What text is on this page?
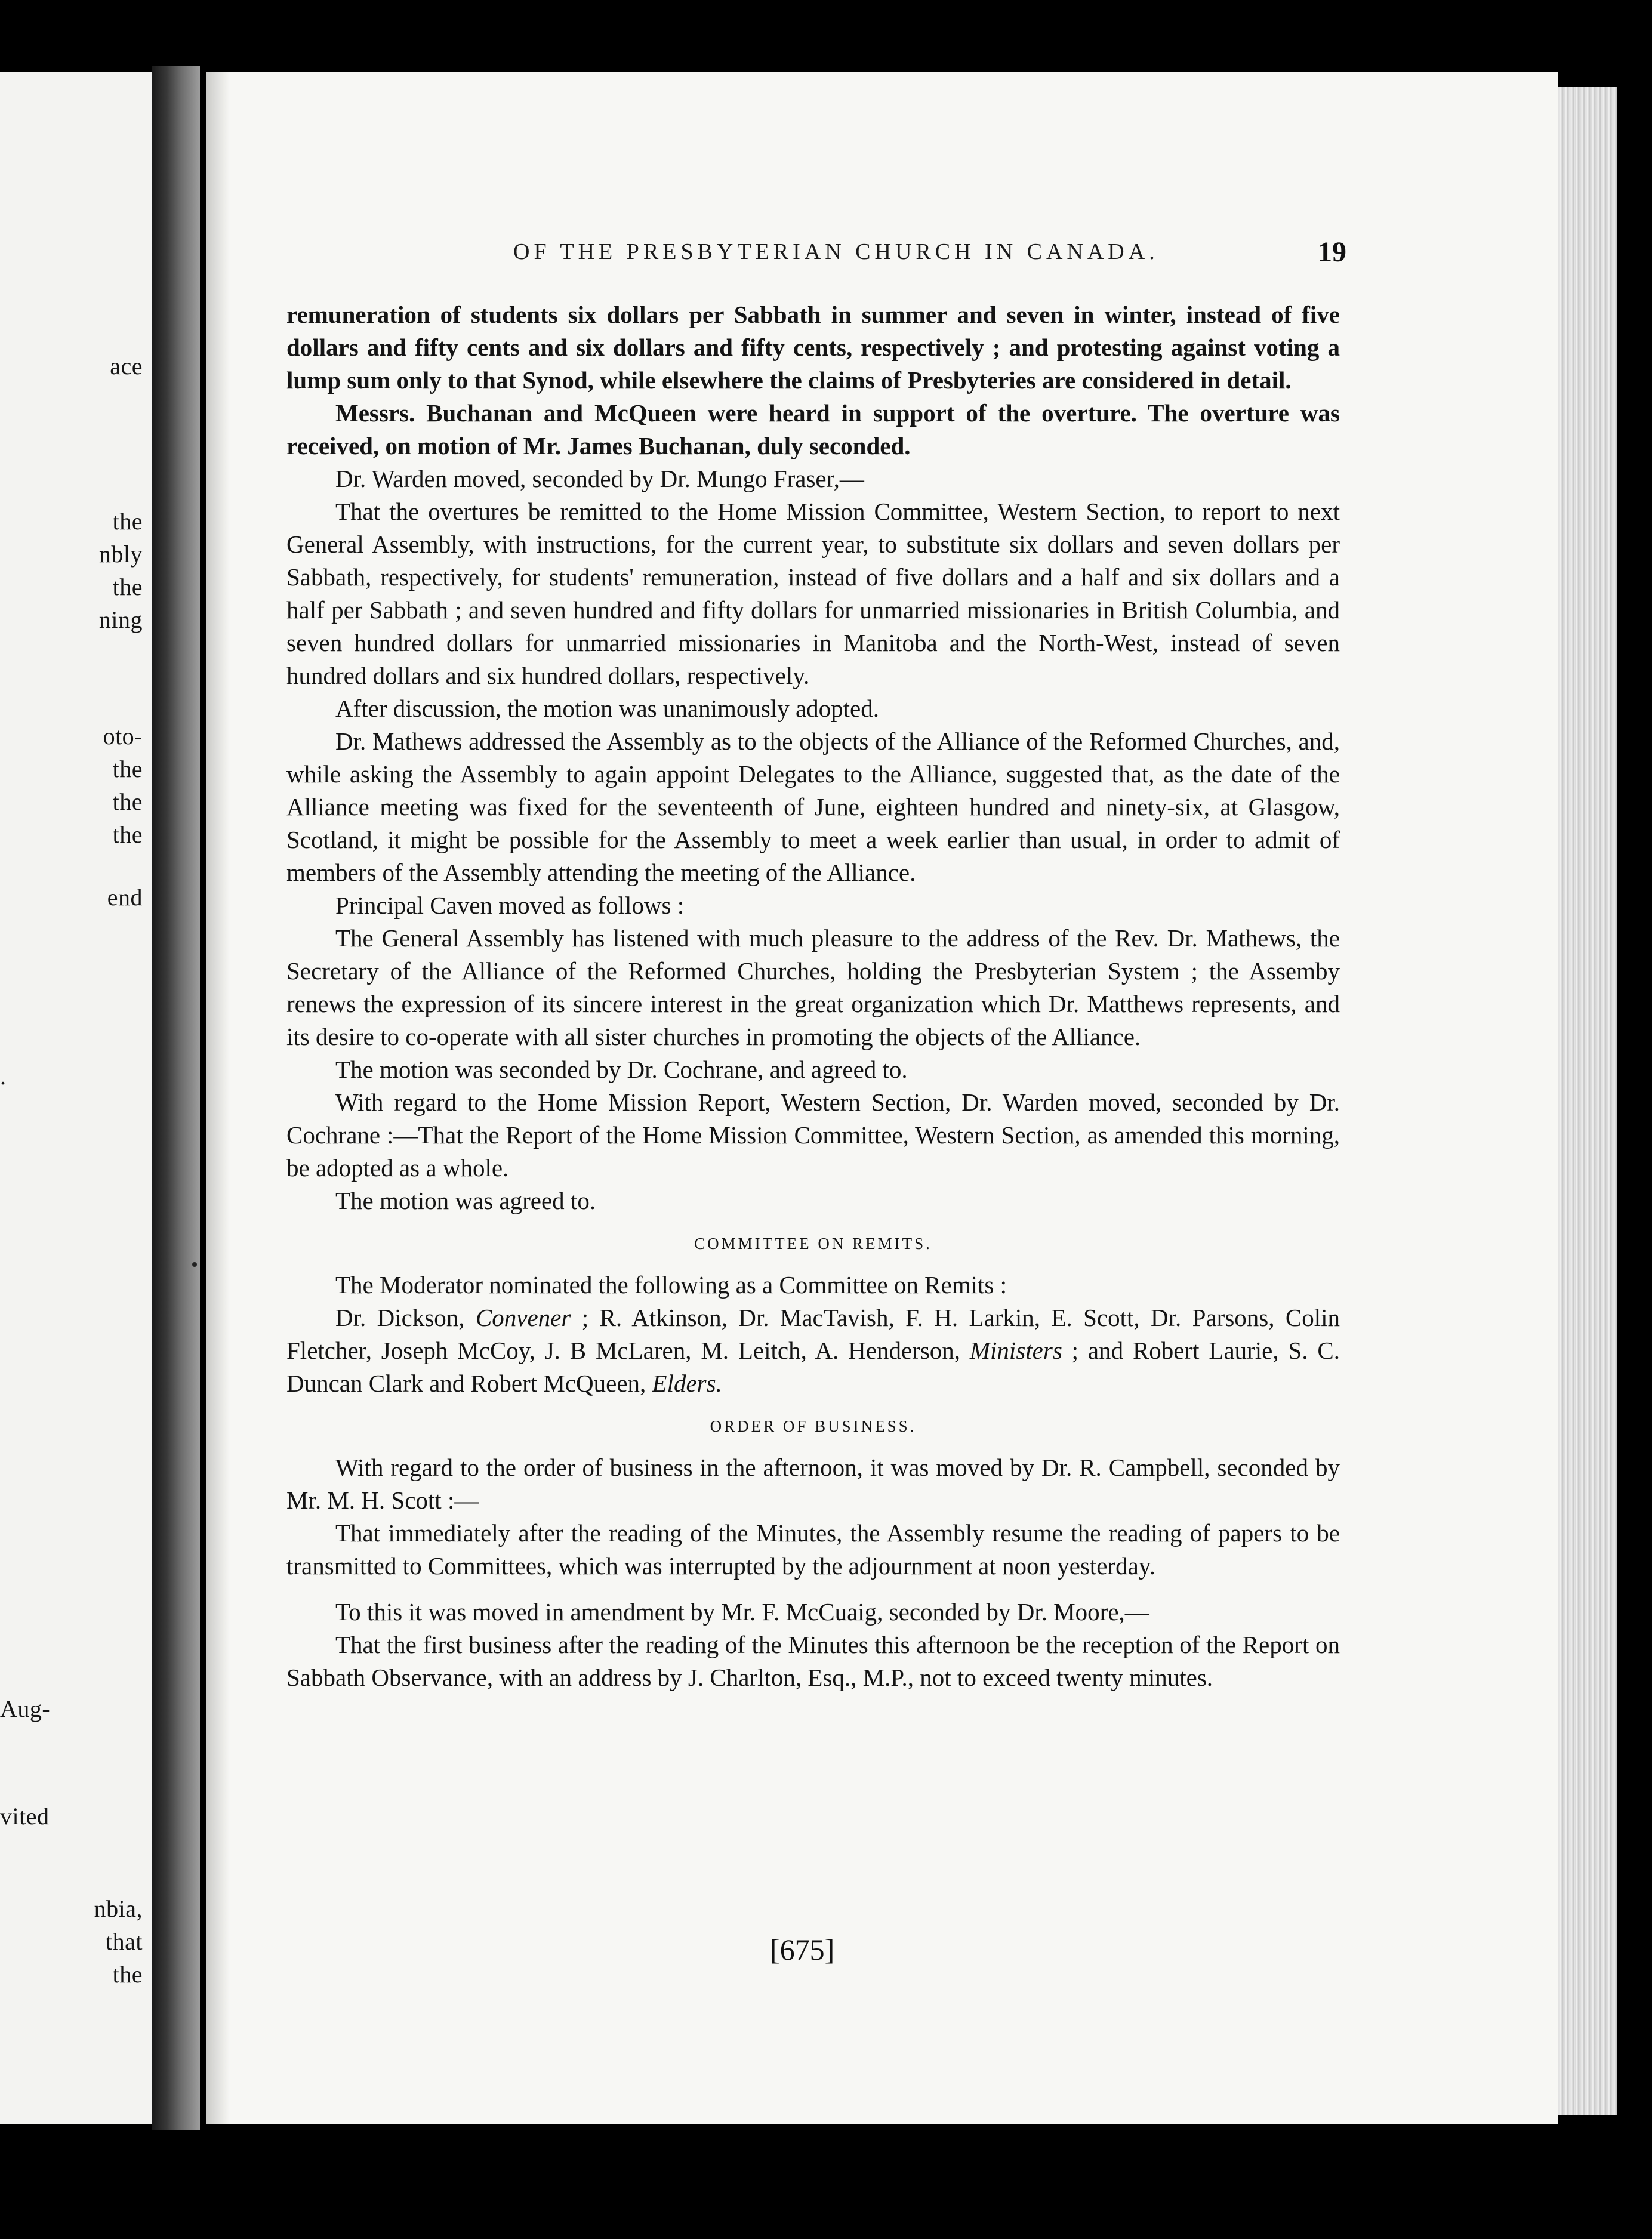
ace
the
nbly
the
ning
oto-
the
the
the
end
.
Aug-
vited
nbia,
that
the
OF THE PRESBYTERIAN CHURCH IN CANADA.	19

remuneration of students six dollars per Sabbath in summer and seven in winter, instead of five dollars and fifty cents and six dollars and fifty cents, respectively ; and protesting against voting a lump sum only to that Synod, while elsewhere the claims of Presbyteries are considered in detail.

Messrs. Buchanan and McQueen were heard in support of the overture. The overture was received, on motion of Mr. James Buchanan, duly seconded.

Dr. Warden moved, seconded by Dr. Mungo Fraser,—

That the overtures be remitted to the Home Mission Committee, Western Section, to report to next General Assembly, with instructions, for the current year, to substitute six dollars and seven dollars per Sabbath, respectively, for students' remuneration, instead of five dollars and a half and six dollars and a half per Sabbath ; and seven hundred and fifty dollars for unmarried missionaries in British Columbia, and seven hundred dollars for unmarried missionaries in Manitoba and the North-West, instead of seven hundred dollars and six hundred dollars, respectively.

After discussion, the motion was unanimously adopted.

Dr. Mathews addressed the Assembly as to the objects of the Alliance of the Reformed Churches, and, while asking the Assembly to again appoint Delegates to the Alliance, suggested that, as the date of the Alliance meeting was fixed for the seventeenth of June, eighteen hundred and ninety-six, at Glasgow, Scotland, it might be possible for the Assembly to meet a week earlier than usual, in order to admit of members of the Assembly attending the meeting of the Alliance.

Principal Caven moved as follows :

The General Assembly has listened with much pleasure to the address of the Rev. Dr. Mathews, the Secretary of the Alliance of the Reformed Churches, holding the Presbyterian System ; the Assemby renews the expression of its sincere interest in the great organization which Dr. Matthews represents, and its desire to co-operate with all sister churches in promoting the objects of the Alliance.

The motion was seconded by Dr. Cochrane, and agreed to.

With regard to the Home Mission Report, Western Section, Dr. Warden moved, seconded by Dr. Cochrane :—That the Report of the Home Mission Committee, Western Section, as amended this morning, be adopted as a whole.

The motion was agreed to.

COMMITTEE ON REMITS.

The Moderator nominated the following as a Committee on Remits :

Dr. Dickson, Convener ; R. Atkinson, Dr. MacTavish, F. H. Larkin, E. Scott, Dr. Parsons, Colin Fletcher, Joseph McCoy, J. B McLaren, M. Leitch, A. Henderson, Ministers ; and Robert Laurie, S. C. Duncan Clark and Robert McQueen, Elders.

ORDER OF BUSINESS.

With regard to the order of business in the afternoon, it was moved by Dr. R. Campbell, seconded by Mr. M. H. Scott :—

That immediately after the reading of the Minutes, the Assembly resume the reading of papers to be transmitted to Committees, which was interrupted by the adjournment at noon yesterday.

To this it was moved in amendment by Mr. F. McCuaig, seconded by Dr. Moore,—

That the first business after the reading of the Minutes this afternoon be the reception of the Report on Sabbath Observance, with an address by J. Charlton, Esq., M.P., not to exceed twenty minutes.

[675]
